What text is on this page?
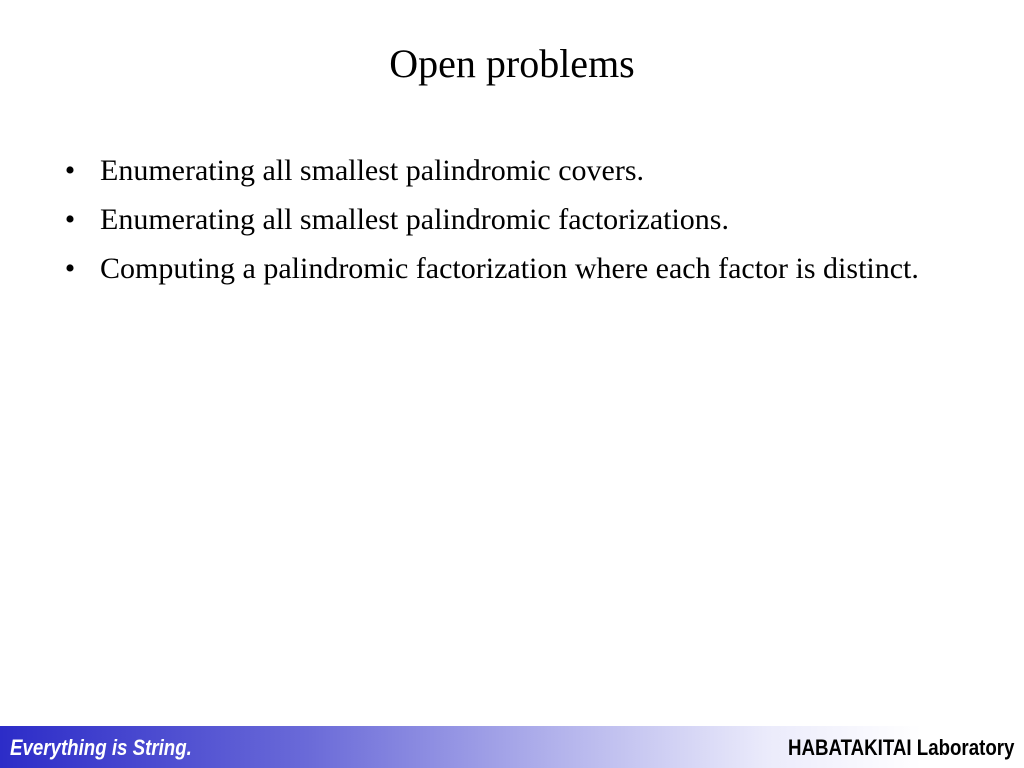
Open problems
• Enumerating all smallest palindromic covers.
• Enumerating all smallest palindromic factorizations.
• Computing a palindromic factorization where each factor is distinct.
Everything is String.	HABATAKITAI Laboratory
